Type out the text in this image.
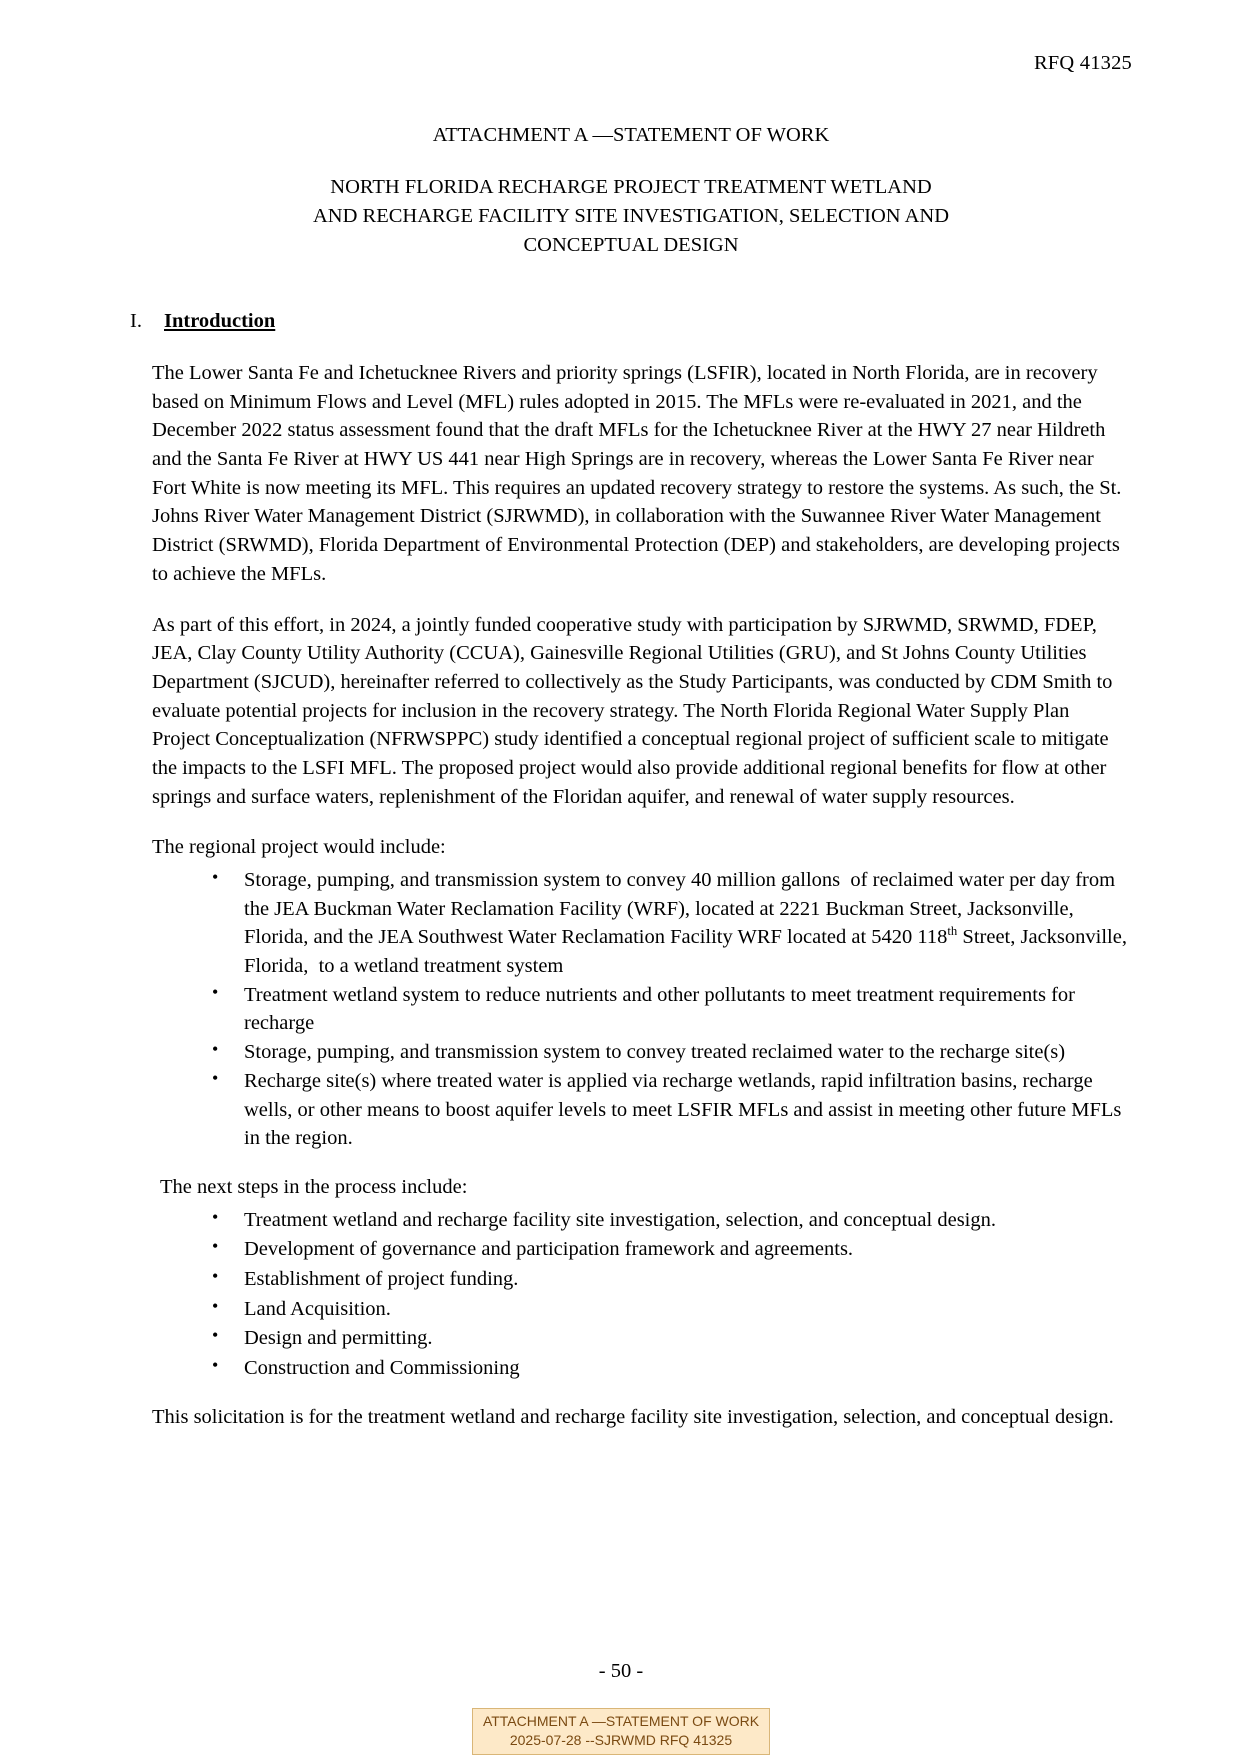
RFQ 41325
ATTACHMENT A —STATEMENT OF WORK
NORTH FLORIDA RECHARGE PROJECT TREATMENT WETLAND
AND RECHARGE FACILITY SITE INVESTIGATION, SELECTION AND
CONCEPTUAL DESIGN
I.	Introduction

The Lower Santa Fe and Ichetucknee Rivers and priority springs (LSFIR), located in North Florida, are in recovery based on Minimum Flows and Level (MFL) rules adopted in 2015. The MFLs were re-evaluated in 2021, and the December 2022 status assessment found that the draft MFLs for the Ichetucknee River at the HWY 27 near Hildreth and the Santa Fe River at HWY US 441 near High Springs are in recovery, whereas the Lower Santa Fe River near Fort White is now meeting its MFL. This requires an updated recovery strategy to restore the systems. As such, the St. Johns River Water Management District (SJRWMD), in collaboration with the Suwannee River Water Management District (SRWMD), Florida Department of Environmental Protection (DEP) and stakeholders, are developing projects to achieve the MFLs.

As part of this effort, in 2024, a jointly funded cooperative study with participation by SJRWMD, SRWMD, FDEP, JEA, Clay County Utility Authority (CCUA), Gainesville Regional Utilities (GRU), and St Johns County Utilities Department (SJCUD), hereinafter referred to collectively as the Study Participants, was conducted by CDM Smith to evaluate potential projects for inclusion in the recovery strategy. The North Florida Regional Water Supply Plan Project Conceptualization (NFRWSPPC) study identified a conceptual regional project of sufficient scale to mitigate the impacts to the LSFI MFL. The proposed project would also provide additional regional benefits for flow at other springs and surface waters, replenishment of the Floridan aquifer, and renewal of water supply resources.

The regional project would include:

• Storage, pumping, and transmission system to convey 40 million gallons  of reclaimed water per day from the JEA Buckman Water Reclamation Facility (WRF), located at 2221 Buckman Street, Jacksonville, Florida, and the JEA Southwest Water Reclamation Facility WRF located at 5420 118th Street, Jacksonville, Florida,  to a wetland treatment system
• Treatment wetland system to reduce nutrients and other pollutants to meet treatment requirements for recharge
• Storage, pumping, and transmission system to convey treated reclaimed water to the recharge site(s)
• Recharge site(s) where treated water is applied via recharge wetlands, rapid infiltration basins, recharge wells, or other means to boost aquifer levels to meet LSFIR MFLs and assist in meeting other future MFLs in the region.

The next steps in the process include:

• Treatment wetland and recharge facility site investigation, selection, and conceptual design.
• Development of governance and participation framework and agreements.
• Establishment of project funding.
• Land Acquisition.
• Design and permitting.
• Construction and Commissioning

This solicitation is for the treatment wetland and recharge facility site investigation, selection, and conceptual design.

- 50 -
ATTACHMENT A —STATEMENT OF WORK
2025-07-28 --SJRWMD RFQ 41325
